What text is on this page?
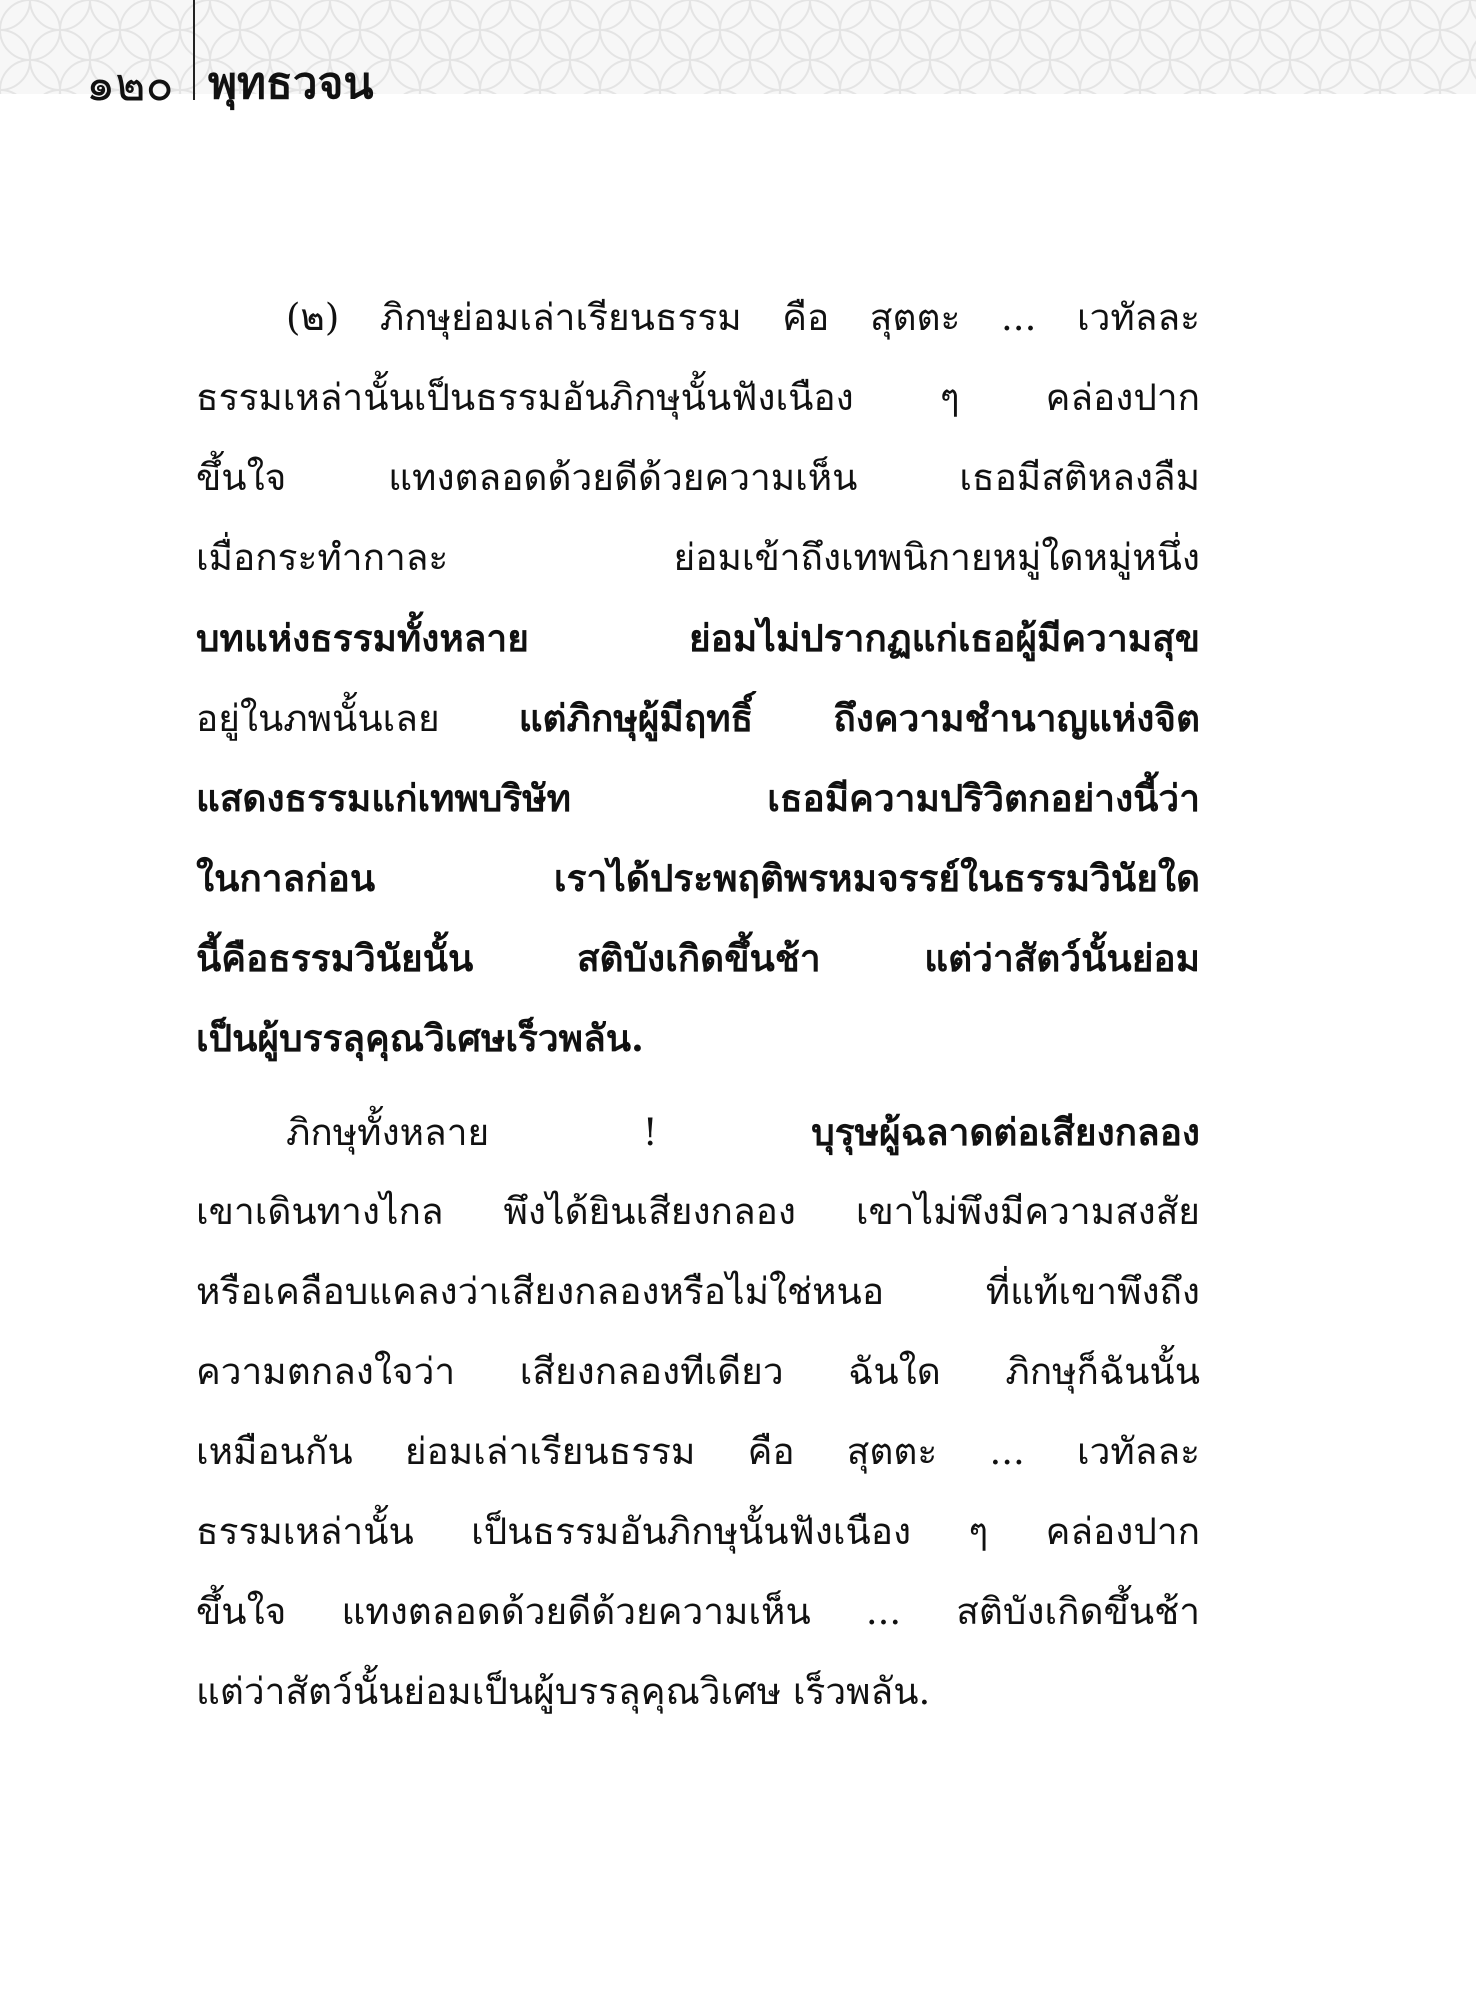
๑๒๐ พุทธวจน
(๒) ภิกษุย่อมเล่าเรียนธรรม คือ สุตตะ ... เวทัลละ
ธรรมเหล่านั้นเป็นธรรมอันภิกษุนั้นฟังเนือง ๆ คล่องปาก
ขึ้นใจ แทงตลอดด้วยดีด้วยความเห็น เธอมีสติหลงลืม
เมื่อกระทำกาละ ย่อมเข้าถึงเทพนิกายหมู่ใดหมู่หนึ่ง
บทแห่งธรรมทั้งหลาย ย่อมไม่ปรากฏแก่เธอผู้มีความสุข
อยู่ในภพนั้นเลย แต่ภิกษุผู้มีฤทธิ์ ถึงความชำนาญแห่งจิต
แสดงธรรมแก่เทพบริษัท เธอมีความปริวิตกอย่างนี้ว่า
ในกาลก่อน เราได้ประพฤติพรหมจรรย์ในธรรมวินัยใด
นี้คือธรรมวินัยนั้น สติบังเกิดขึ้นช้า แต่ว่าสัตว์นั้นย่อม
เป็นผู้บรรลุคุณวิเศษเร็วพลัน.
ภิกษุทั้งหลาย !	บุรุษผู้ฉลาดต่อเสียงกลอง
เขาเดินทางไกล พึงได้ยินเสียงกลอง เขาไม่พึงมีความสงสัย
หรือเคลือบแคลงว่าเสียงกลองหรือไม่ใช่หนอ ที่แท้เขาพึงถึง
ความตกลงใจว่า เสียงกลองทีเดียว ฉันใด ภิกษุก็ฉันนั้น
เหมือนกัน ย่อมเล่าเรียนธรรม คือ สุตตะ ... เวทัลละ
ธรรมเหล่านั้น เป็นธรรมอันภิกษุนั้นฟังเนือง ๆ คล่องปาก
ขึ้นใจ แทงตลอดด้วยดีด้วยความเห็น ... สติบังเกิดขึ้นช้า
แต่ว่าสัตว์นั้นย่อมเป็นผู้บรรลุคุณวิเศษ เร็วพลัน.
